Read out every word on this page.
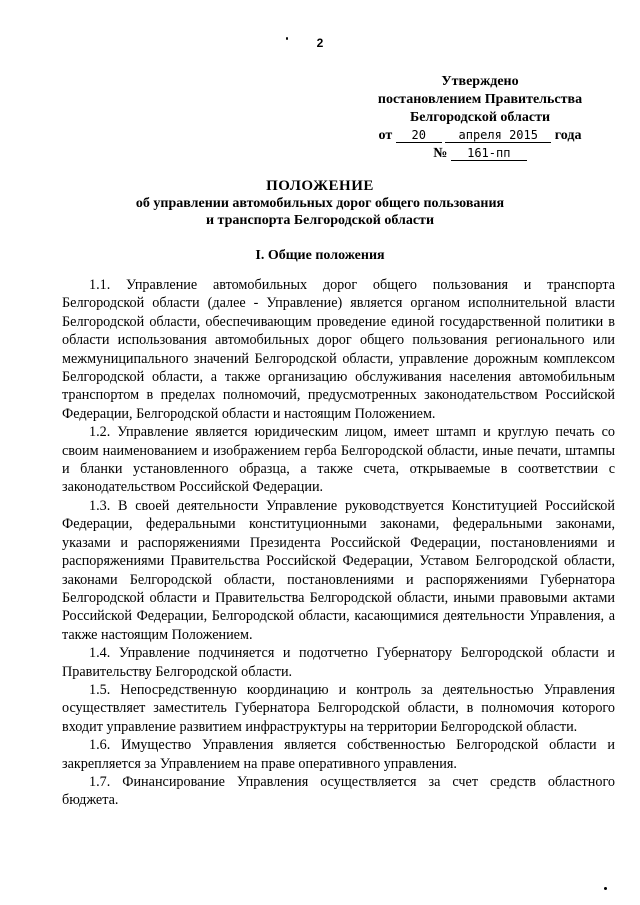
2
Утверждено
постановлением Правительства
Белгородской области
от 20	апреля 2015 года
№ 161-пп
ПОЛОЖЕНИЕ
об управлении автомобильных дорог общего пользования
и транспорта Белгородской области
I. Общие положения

1.1. Управление автомобильных дорог общего пользования и транспорта Белгородской области (далее - Управление) является органом исполнительной власти Белгородской области, обеспечивающим проведение единой государственной политики в области использования автомобильных дорог общего пользования регионального или межмуниципального значений Белгородской области, управление дорожным комплексом Белгородской области, а также организацию обслуживания населения автомобильным транспортом в пределах полномочий, предусмотренных законодательством Российской Федерации, Белгородской области и настоящим Положением.

1.2. Управление является юридическим лицом, имеет штамп и круглую печать со своим наименованием и изображением герба Белгородской области, иные печати, штампы и бланки установленного образца, а также счета, открываемые в соответствии с законодательством Российской Федерации.

1.3. В своей деятельности Управление руководствуется Конституцией Российской Федерации, федеральными конституционными законами, федеральными законами, указами и распоряжениями Президента Российской Федерации, постановлениями и распоряжениями Правительства Российской Федерации, Уставом Белгородской области, законами Белгородской области, постановлениями и распоряжениями Губернатора Белгородской области и Правительства Белгородской области, иными правовыми актами Российской Федерации, Белгородской области, касающимися деятельности Управления, а также настоящим Положением.

1.4. Управление подчиняется и подотчетно Губернатору Белгородской области и Правительству Белгородской области.

1.5. Непосредственную координацию и контроль за деятельностью Управления осуществляет заместитель Губернатора Белгородской области, в полномочия которого входит управление развитием инфраструктуры на территории Белгородской области.

1.6. Имущество Управления является собственностью Белгородской области и закрепляется за Управлением на праве оперативного управления.

1.7. Финансирование Управления осуществляется за счет средств областного бюджета.
